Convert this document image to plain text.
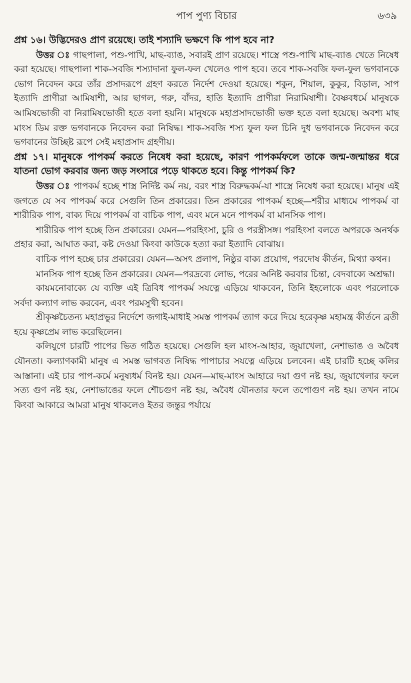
পাপ পুণ্য বিচার	৬৩৯

প্রশ্ন ১৬। উদ্ভিদেরও প্রাণ রয়েছে। তাই শস্যাদি ভক্ষণে কি পাপ হবে না?

উত্তর ঃ গাছপালা, পশু-পাখি, মাছ-ব্যাঙ, সবারই প্রাণ রয়েছে। শাস্ত্রে পশু-পাখি মাছ-ব্যাঙ খেতে নিষেধ করা হয়েছে। গাছপালা শাক-সবজি শস্যাদানা ফুল-ফল খেলেও পাপ হবে। তবে শাক-সবজি ফল-ফুল ভগবানকে ভোগ নিবেদন করে তাঁর প্রসাদরূপে গ্রহণ করতে নির্দেশ দেওয়া হয়েছে। শকুন, শিয়াল, কুকুর, বিড়াল, সাপ ইত্যাদি প্রাণীরা আমিষাশী, আর ছাগল, গরু, বাঁদর, হাতি ইত্যাদি প্রাণীরা নিরামিষাশী। বৈষ্ণবধর্মে মানুষকে আমিষভোজী বা নিরামিষভোজী হতে বলা হয়নি। মানুষকে মহাপ্রসাদভোজী ভক্ত হতে বলা হয়েছে। অবশ্য মাছ মাংস ডিম রক্ত ভগবানকে নিবেদন করা নিষিদ্ধ। শাক-সবজি শস্য ফুল ফল চিনি দুধ ভগবানকে নিবেদন করে ভগবানের উচ্ছিষ্ট রূপে সেই মহাপ্রসাদ গ্রহণীয়।

প্রশ্ন ১৭। মানুষকে পাপকর্ম করতে নিষেধ করা হয়েছে, কারণ পাপকর্মফলে তাকে জন্ম-জন্মান্তর ধরে যাতনা ভোগ করবার জন্য জড় সংসারে পড়ে থাকতে হবে। কিন্তু পাপকর্ম কি?

উত্তর ঃ পাপকর্ম হচ্ছে শাস্ত্র নির্দিষ্ট কর্ম নয়, বরং শাস্ত্র বিরুদ্ধকর্ম-যা শাস্ত্রে নিষেধ করা হয়েছে। মানুষ এই জগতে যে সব পাপকর্ম করে সেগুলি তিন প্রকারের। তিন প্রকারের পাপকর্ম হচ্ছে—শরীর মাধ্যমে পাপকর্ম বা শারীরিক পাপ, বাক্য দিয়ে পাপকর্ম বা বাচিক পাপ, এবং মনে মনে পাপকর্ম বা মানসিক পাপ।

শারীরিক পাপ হচ্ছে তিন প্রকারের। যেমন—পরহিংসা, চুরি ও পরস্ত্রীসঙ্গ। পরহিংসা বলতে অপরকে অনর্থক প্রহার করা, আঘাত করা, কষ্ট দেওয়া কিংবা কাউকে হত্যা করা ইত্যাদি বোঝায়।

বাচিক পাপ হচ্ছে চার প্রকারের। যেমন—অসৎ প্রলাপ, নিষ্ঠুর বাক্য প্রয়োগ, পরদোষ কীর্তন, মিথ্যা কথন।

মানসিক পাপ হচ্ছে তিন প্রকারের। যেমন—পরদ্রব্যে লোভ, পরের অনিষ্ট করবার চিন্তা, বেদবাক্যে অশ্রদ্ধা।

কায়মনোবাক্যে যে ব্যক্তি এই ত্রিবিধ পাপকর্ম সযত্নে এড়িয়ে থাকবেন, তিনি ইহলোকে এবং পরলোকে সর্বদা কল্যাণ লাভ করবেন, এবং পরমসুখী হবেন।

শ্রীকৃষ্ণচৈতন্য মহাপ্রভুর নির্দেশে জগাই-মাধাই সমস্ত পাপকর্ম ত্যাগ করে দিয়ে হরেকৃষ্ণ মহামন্ত্র কীর্তনে ব্রতী হয়ে কৃষ্ণপ্রেম লাভ করেছিলেন।

কলিযুগে চারটি পাপের ভিত গঠিত হয়েছে। সেগুলি হল মাংস-আহার, জুয়াখেলা, নেশাভাঙ ও অবৈধ যৌনতা। কল্যাণকামী মানুষ এ সমস্ত ভাগবত নিষিদ্ধ পাপাচার সযত্নে এড়িয়ে চলবেন। এই চারটি হচ্ছে কলির আস্তানা। এই চার পাপ-কর্মে মনুষ্যধর্ম বিনষ্ট হয়। যেমন—মাছ-মাংস আহারে দয়া গুণ নষ্ট হয়, জুয়াখেলার ফলে সত্য গুণ নষ্ট হয়, নেশাভাঙের ফলে শৌচগুণ নষ্ট হয়, অবৈধ যৌনতার ফলে তপোগুণ নষ্ট হয়। তখন নামে কিংবা আকারে আমরা মানুষ থাকলেও ইতর জন্তুর পর্যায়ে
